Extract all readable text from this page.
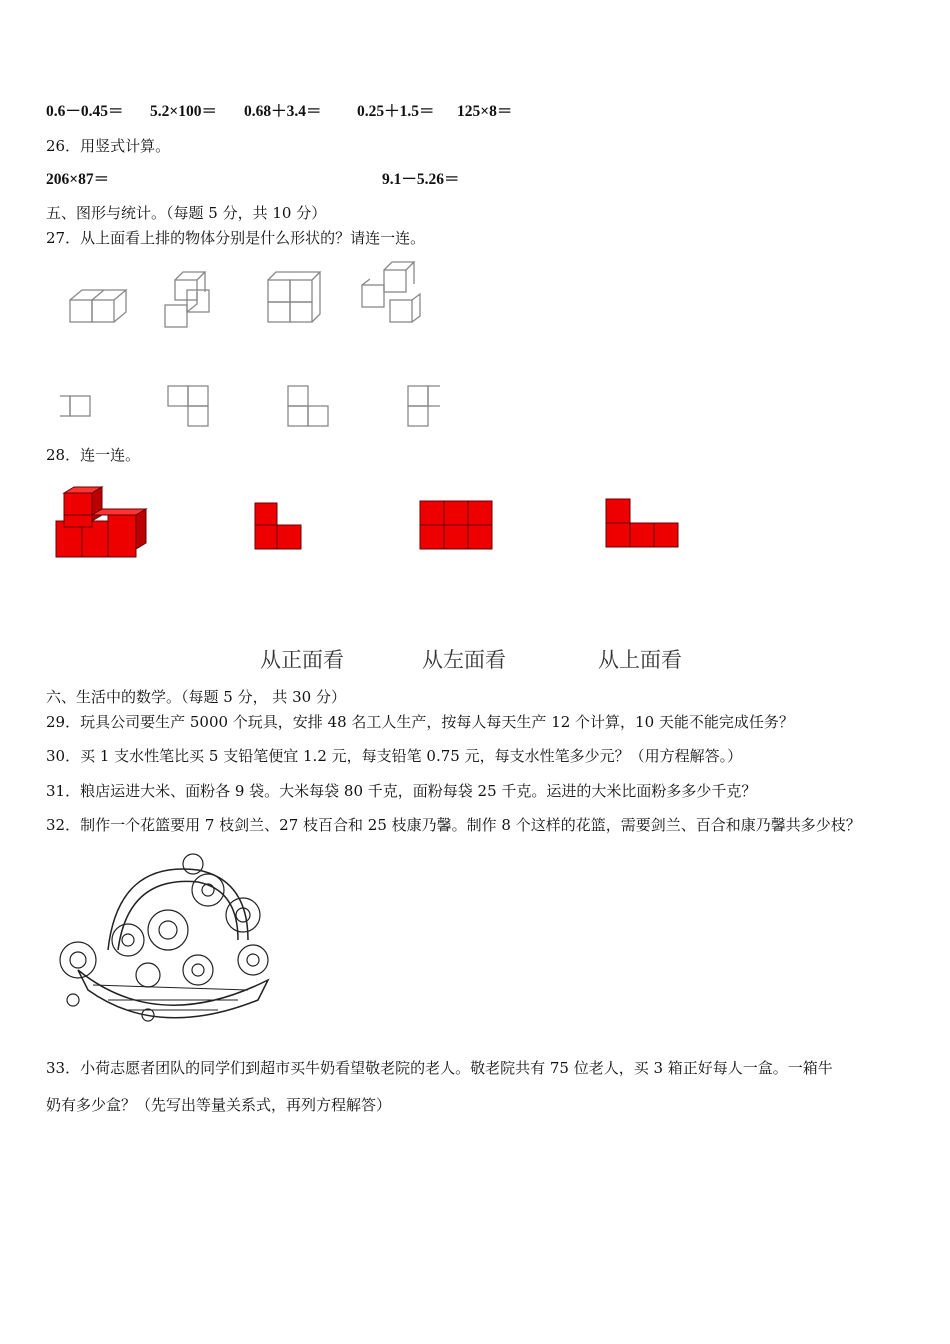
0.6－0.45＝ 5.2×100＝ 0.68＋3.4＝ 0.25＋1.5＝ 125×8＝
26．用竖式计算。
206×87＝	9.1－5.26＝
五、图形与统计。（每题 5 分，共 10 分）
27．从上面看上排的物体分别是什么形状的？请连一连。
28．连一连。
从正面看	从左面看	从上面看
六、生活中的数学。（每题 5 分， 共 30 分）
29．玩具公司要生产 5000 个玩具，安排 48 名工人生产，按每人每天生产 12 个计算，10 天能不能完成任务？
30．买 1 支水性笔比买 5 支铅笔便宜 1.2 元，每支铅笔 0.75 元，每支水性笔多少元？（用方程解答。）
31．粮店运进大米、面粉各 9 袋。大米每袋 80 千克，面粉每袋 25 千克。运进的大米比面粉多多少千克？
32．制作一个花篮要用 7 枝剑兰、27 枝百合和 25 枝康乃馨。制作 8 个这样的花篮，需要剑兰、百合和康乃馨共多少枝？
33．小荷志愿者团队的同学们到超市买牛奶看望敬老院的老人。敬老院共有 75 位老人，买 3 箱正好每人一盒。一箱牛
奶有多少盒？（先写出等量关系式，再列方程解答）
